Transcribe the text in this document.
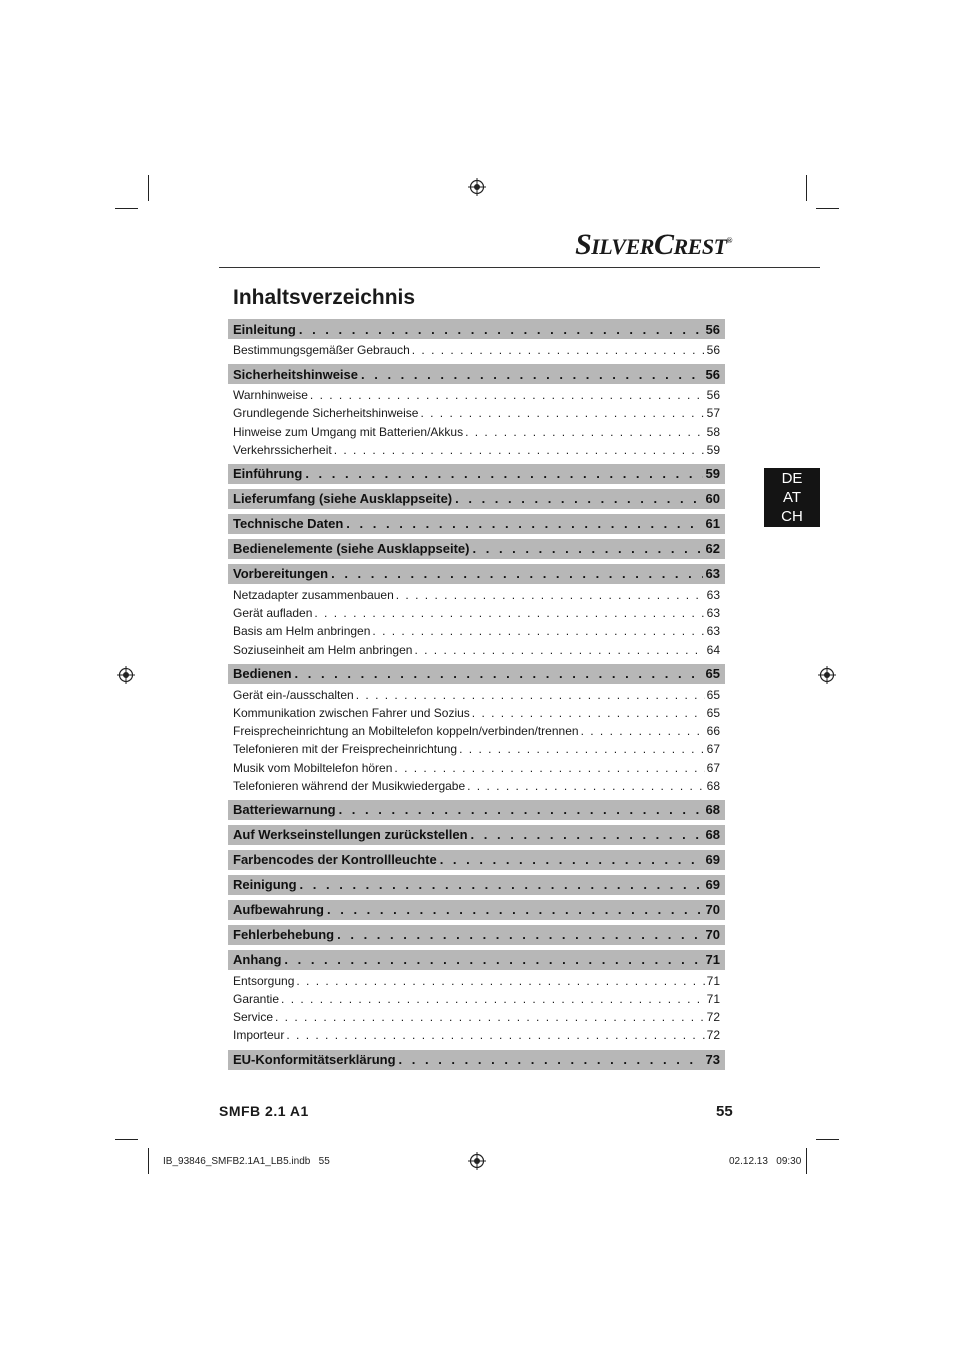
SILVERCREST®
Inhaltsverzeichnis
DE
AT
CH
Einleitung . . .	56
Bestimmungsgemäßer Gebrauch . . .	56
Sicherheitshinweise . . .	56
Warnhinweise . . .	56
Grundlegende Sicherheitshinweise . . .	57
Hinweise zum Umgang mit Batterien/Akkus . . .	58
Verkehrssicherheit . . .	59
Einführung . . .	59
Lieferumfang (siehe Ausklappseite) . . .	60
Technische Daten . . .	61
Bedienelemente (siehe Ausklappseite) . . .	62
Vorbereitungen . . .	63
Netzadapter zusammenbauen . . .	63
Gerät aufladen . . .	63
Basis am Helm anbringen . . .	63
Soziuseinheit am Helm anbringen . . .	64
Bedienen . . .	65
Gerät ein-/ausschalten . . .	65
Kommunikation zwischen Fahrer und Sozius . . .	65
Freisprecheinrichtung an Mobiltelefon koppeln/verbinden/trennen . . .	66
Telefonieren mit der Freisprecheinrichtung . . .	67
Musik vom Mobiltelefon hören . . .	67
Telefonieren während der Musikwiedergabe . . .	68
Batteriewarnung . . .	68
Auf Werkseinstellungen zurückstellen . . .	68
Farbencodes der Kontrollleuchte . . .	69
Reinigung . . .	69
Aufbewahrung . . .	70
Fehlerbehebung . . .	70
Anhang . . .	71
Entsorgung . . .	71
Garantie . . .	71
Service . . .	72
Importeur . . .	72
EU-Konformitätserklärung . . .	73
SMFB 2.1 A1	55
IB_93846_SMFB2.1A1_LB5.indb   55	02.12.13   09:30
